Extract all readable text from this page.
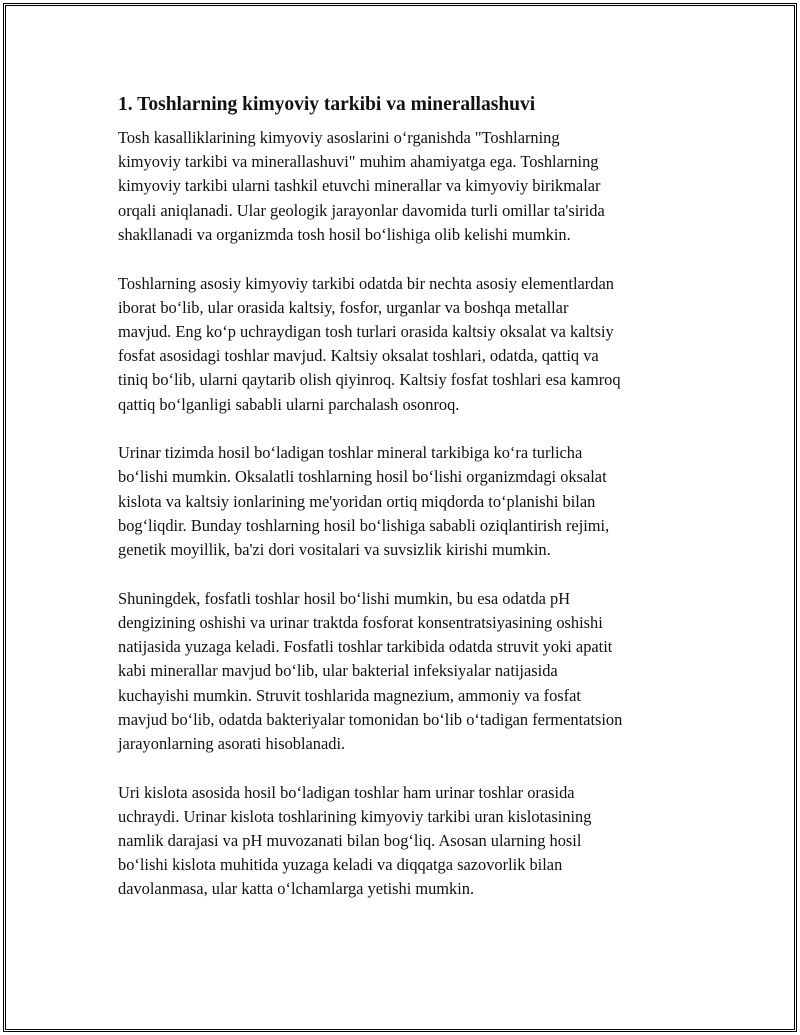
1. Toshlarning kimyoviy tarkibi va minerallashuvi

Tosh kasalliklarining kimyoviy asoslarini o‘rganishda "Toshlarning
kimyoviy tarkibi va minerallashuvi" muhim ahamiyatga ega. Toshlarning
kimyoviy tarkibi ularni tashkil etuvchi minerallar va kimyoviy birikmalar
orqali aniqlanadi. Ular geologik jarayonlar davomida turli omillar ta'sirida
shakllanadi va organizmda tosh hosil bo‘lishiga olib kelishi mumkin.

Toshlarning asosiy kimyoviy tarkibi odatda bir nechta asosiy elementlardan
iborat bo‘lib, ular orasida kaltsiy, fosfor, urganlar va boshqa metallar
mavjud. Eng ko‘p uchraydigan tosh turlari orasida kaltsiy oksalat va kaltsiy
fosfat asosidagi toshlar mavjud. Kaltsiy oksalat toshlari, odatda, qattiq va
tiniq bo‘lib, ularni qaytarib olish qiyinroq. Kaltsiy fosfat toshlari esa kamroq
qattiq bo‘lganligi sababli ularni parchalash osonroq.

Urinar tizimda hosil bo‘ladigan toshlar mineral tarkibiga ko‘ra turlicha
bo‘lishi mumkin. Oksalatli toshlarning hosil bo‘lishi organizmdagi oksalat
kislota va kaltsiy ionlarining me'yoridan ortiq miqdorda to‘planishi bilan
bog‘liqdir. Bunday toshlarning hosil bo‘lishiga sababli oziqlantirish rejimi,
genetik moyillik, ba'zi dori vositalari va suvsizlik kirishi mumkin.

Shuningdek, fosfatli toshlar hosil bo‘lishi mumkin, bu esa odatda pH
dengizining oshishi va urinar traktda fosforat konsentratsiyasining oshishi
natijasida yuzaga keladi. Fosfatli toshlar tarkibida odatda struvit yoki apatit
kabi minerallar mavjud bo‘lib, ular bakterial infeksiyalar natijasida
kuchayishi mumkin. Struvit toshlarida magnezium, ammoniy va fosfat
mavjud bo‘lib, odatda bakteriyalar tomonidan bo‘lib o‘tadigan fermentatsion
jarayonlarning asorati hisoblanadi.

Uri kislota asosida hosil bo‘ladigan toshlar ham urinar toshlar orasida
uchraydi. Urinar kislota toshlarining kimyoviy tarkibi uran kislotasining
namlik darajasi va pH muvozanati bilan bog‘liq. Asosan ularning hosil
bo‘lishi kislota muhitida yuzaga keladi va diqqatga sazovorlik bilan
davolanmasa, ular katta o‘lchamlarga yetishi mumkin.
